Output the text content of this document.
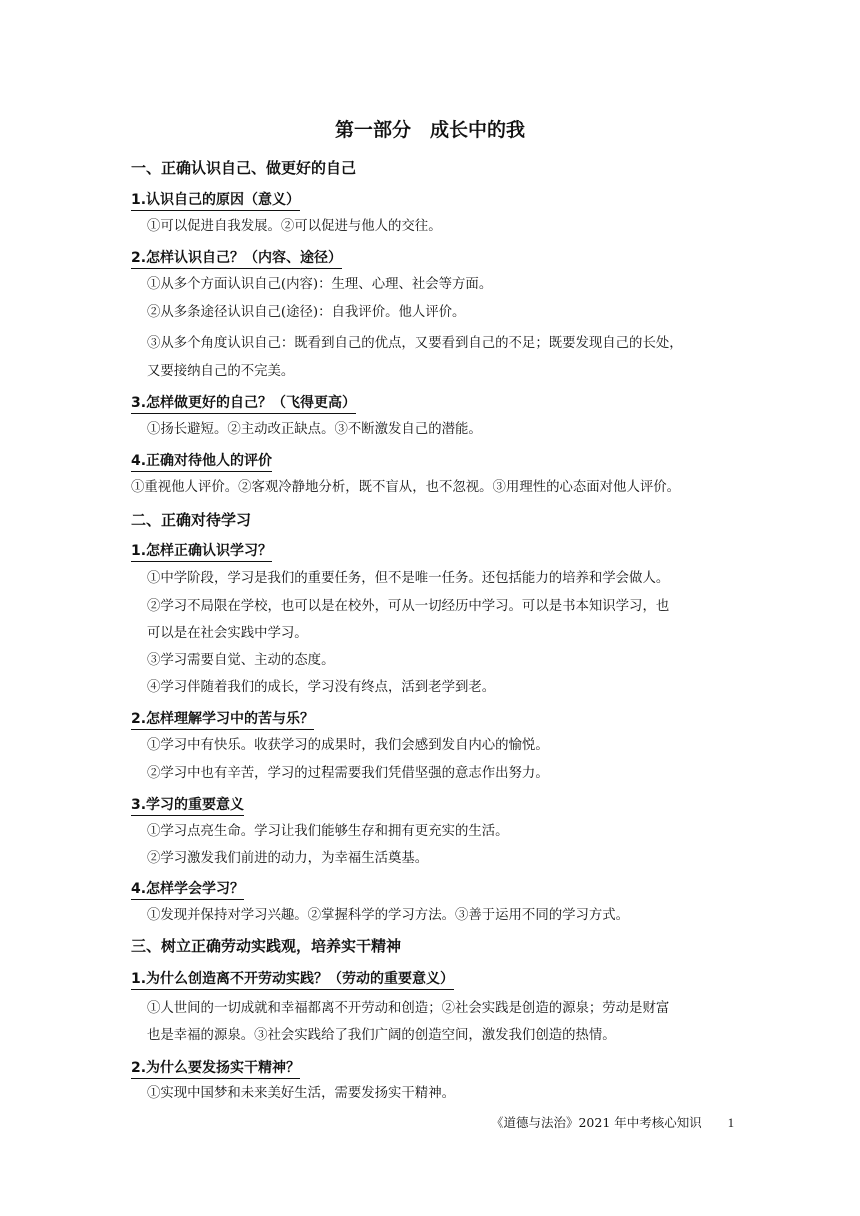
第一部分　成长中的我
一、正确认识自己、做更好的自己
1.认识自己的原因（意义）
①可以促进自我发展。②可以促进与他人的交往。
2.怎样认识自己？（内容、途径）
①从多个方面认识自己(内容)：生理、心理、社会等方面。
②从多条途径认识自己(途径)：自我评价。他人评价。
③从多个角度认识自己：既看到自己的优点，又要看到自己的不足；既要发现自己的长处，
又要接纳自己的不完美。
3.怎样做更好的自己？（飞得更高）
①扬长避短。②主动改正缺点。③不断激发自己的潜能。
4.正确对待他人的评价
①重视他人评价。②客观冷静地分析，既不盲从，也不忽视。③用理性的心态面对他人评价。
二、正确对待学习
1.怎样正确认识学习？
①中学阶段，学习是我们的重要任务，但不是唯一任务。还包括能力的培养和学会做人。
②学习不局限在学校，也可以是在校外，可从一切经历中学习。可以是书本知识学习，也
可以是在社会实践中学习。
③学习需要自觉、主动的态度。
④学习伴随着我们的成长，学习没有终点，活到老学到老。
2.怎样理解学习中的苦与乐？
①学习中有快乐。收获学习的成果时，我们会感到发自内心的愉悦。
②学习中也有辛苦，学习的过程需要我们凭借坚强的意志作出努力。
3.学习的重要意义
①学习点亮生命。学习让我们能够生存和拥有更充实的生活。
②学习激发我们前进的动力，为幸福生活奠基。
4.怎样学会学习？
①发现并保持对学习兴趣。②掌握科学的学习方法。③善于运用不同的学习方式。
三、树立正确劳动实践观，培养实干精神
1.为什么创造离不开劳动实践？（劳动的重要意义）
①人世间的一切成就和幸福都离不开劳动和创造；②社会实践是创造的源泉；劳动是财富
也是幸福的源泉。③社会实践给了我们广阔的创造空间，激发我们创造的热情。
2.为什么要发扬实干精神？
①实现中国梦和未来美好生活，需要发扬实干精神。
《道德与法治》2021 年中考核心知识 1
